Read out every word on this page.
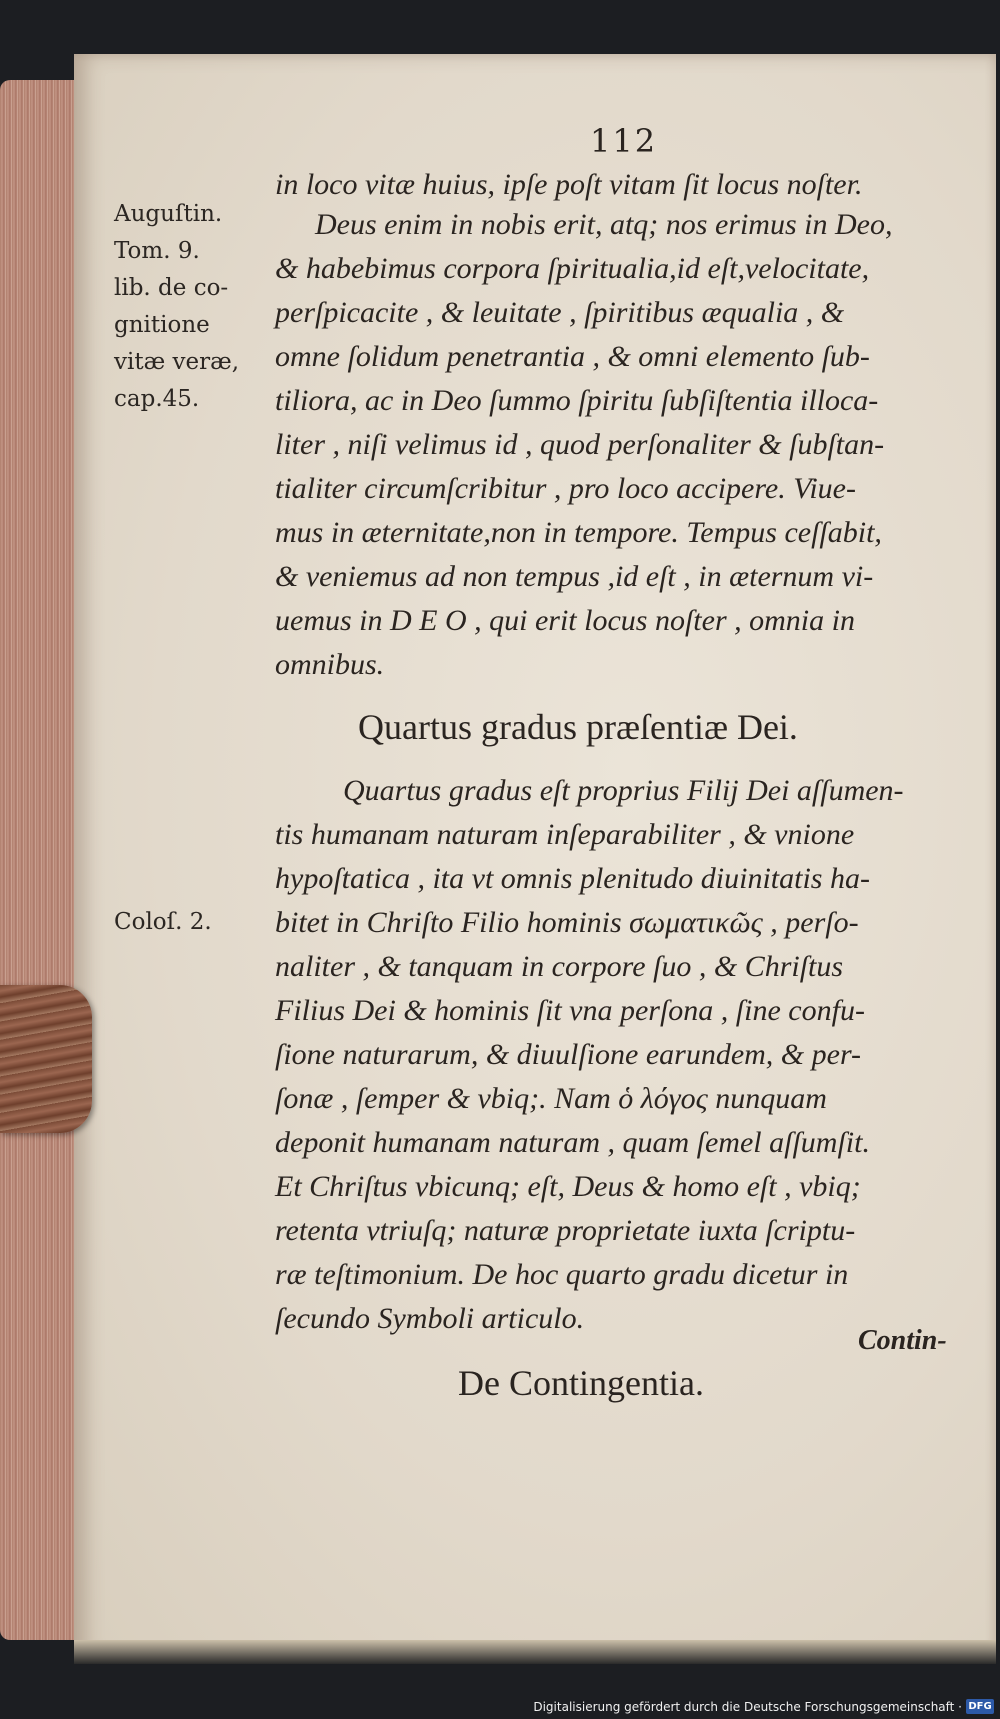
112
Auguſtin.
Tom. 9.
lib. de co-
gnitione
vitæ veræ,
cap.45.
Coloſ. 2.
in loco vitæ huius, ipſe poſt vitam ſit locus noſter.
Deus enim in nobis erit, atq; nos erimus in Deo,
& habebimus corpora ſpiritualia,id eſt,velocitate,
perſpicacite , & leuitate , ſpiritibus æqualia , &
omne ſolidum penetrantia , & omni elemento ſub-
tiliora, ac in Deo ſummo ſpiritu ſubſiſtentia illoca-
liter , niſi velimus id , quod perſonaliter & ſubſtan-
tialiter circumſcribitur , pro loco accipere. Viue-
mus in æternitate,non in tempore. Tempus ceſſabit,
& veniemus ad non tempus ,id eſt , in æternum vi-
uemus in D E O , qui erit locus noſter , omnia in
omnibus.
Quartus gradus eſt proprius Filij Dei aſſumen-
tis humanam naturam inſeparabiliter , & vnione
hypoſtatica , ita vt omnis plenitudo diuinitatis ha-
bitet in Chriſto Filio hominis σωματικῶς , perſo-
naliter , & tanquam in corpore ſuo , & Chriſtus
Filius Dei & hominis ſit vna perſona , ſine confu-
ſione naturarum, & diuulſione earundem, & per-
ſonæ , ſemper & vbiq;. Nam ὁ λόγος nunquam
deponit humanam naturam , quam ſemel aſſumſit.
Et Chriſtus vbicunq; eſt, Deus & homo eſt , vbiq;
retenta vtriuſq; naturæ proprietate iuxta ſcriptu-
ræ teſtimonium. De hoc quarto gradu dicetur in
ſecundo Symboli articulo.
Quartus gradus præſentiæ Dei.
De Contingentia.
Contin-
Digitalisierung gefördert durch die Deutsche Forschungsgemeinschaft · DFG
